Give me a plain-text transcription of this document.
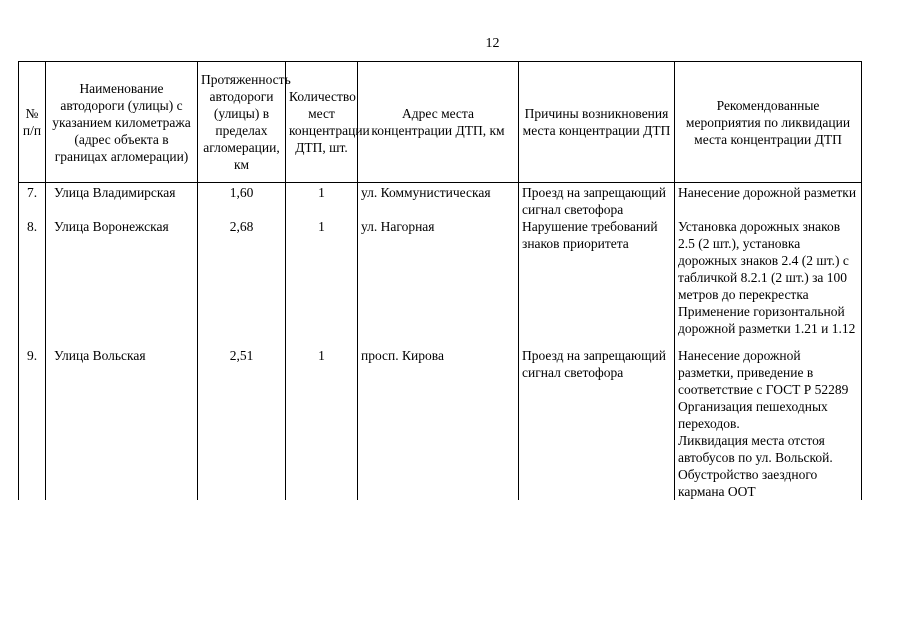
12
№ п/п	Наименование автодороги (улицы) с указанием километража (адрес объекта в границах агломерации)	Протяженность автодороги (улицы) в пределах агломерации, км	Количество мест концентрации ДТП, шт.	Адрес места концентрации ДТП, км	Причины возникновения места концентрации ДТП	Рекомендованные мероприятия по ликвидации места концентрации ДТП
7.	Улица Владимирская	1,60	1	ул. Коммунистическая	Проезд на запрещающий сигнал светофора	Нанесение дорожной разметки

8.	Улица Воронежская	2,68	1	ул. Нагорная	Нарушение требований знаков приоритета	Установка дорожных знаков 2.5 (2 шт.), установка дорожных знаков 2.4 (2 шт.) с табличкой 8.2.1 (2 шт.) за 100 метров до перекрестка
Применение горизонтальной дорожной разметки 1.21 и 1.12

9.	Улица Вольская	2,51	1	просп. Кирова	Проезд на запрещающий сигнал светофора	Нанесение дорожной разметки, приведение в соответствие с ГОСТ Р 52289
Организация пешеходных переходов.
Ликвидация места отстоя автобусов по ул. Вольской.
Обустройство заездного кармана ООТ
